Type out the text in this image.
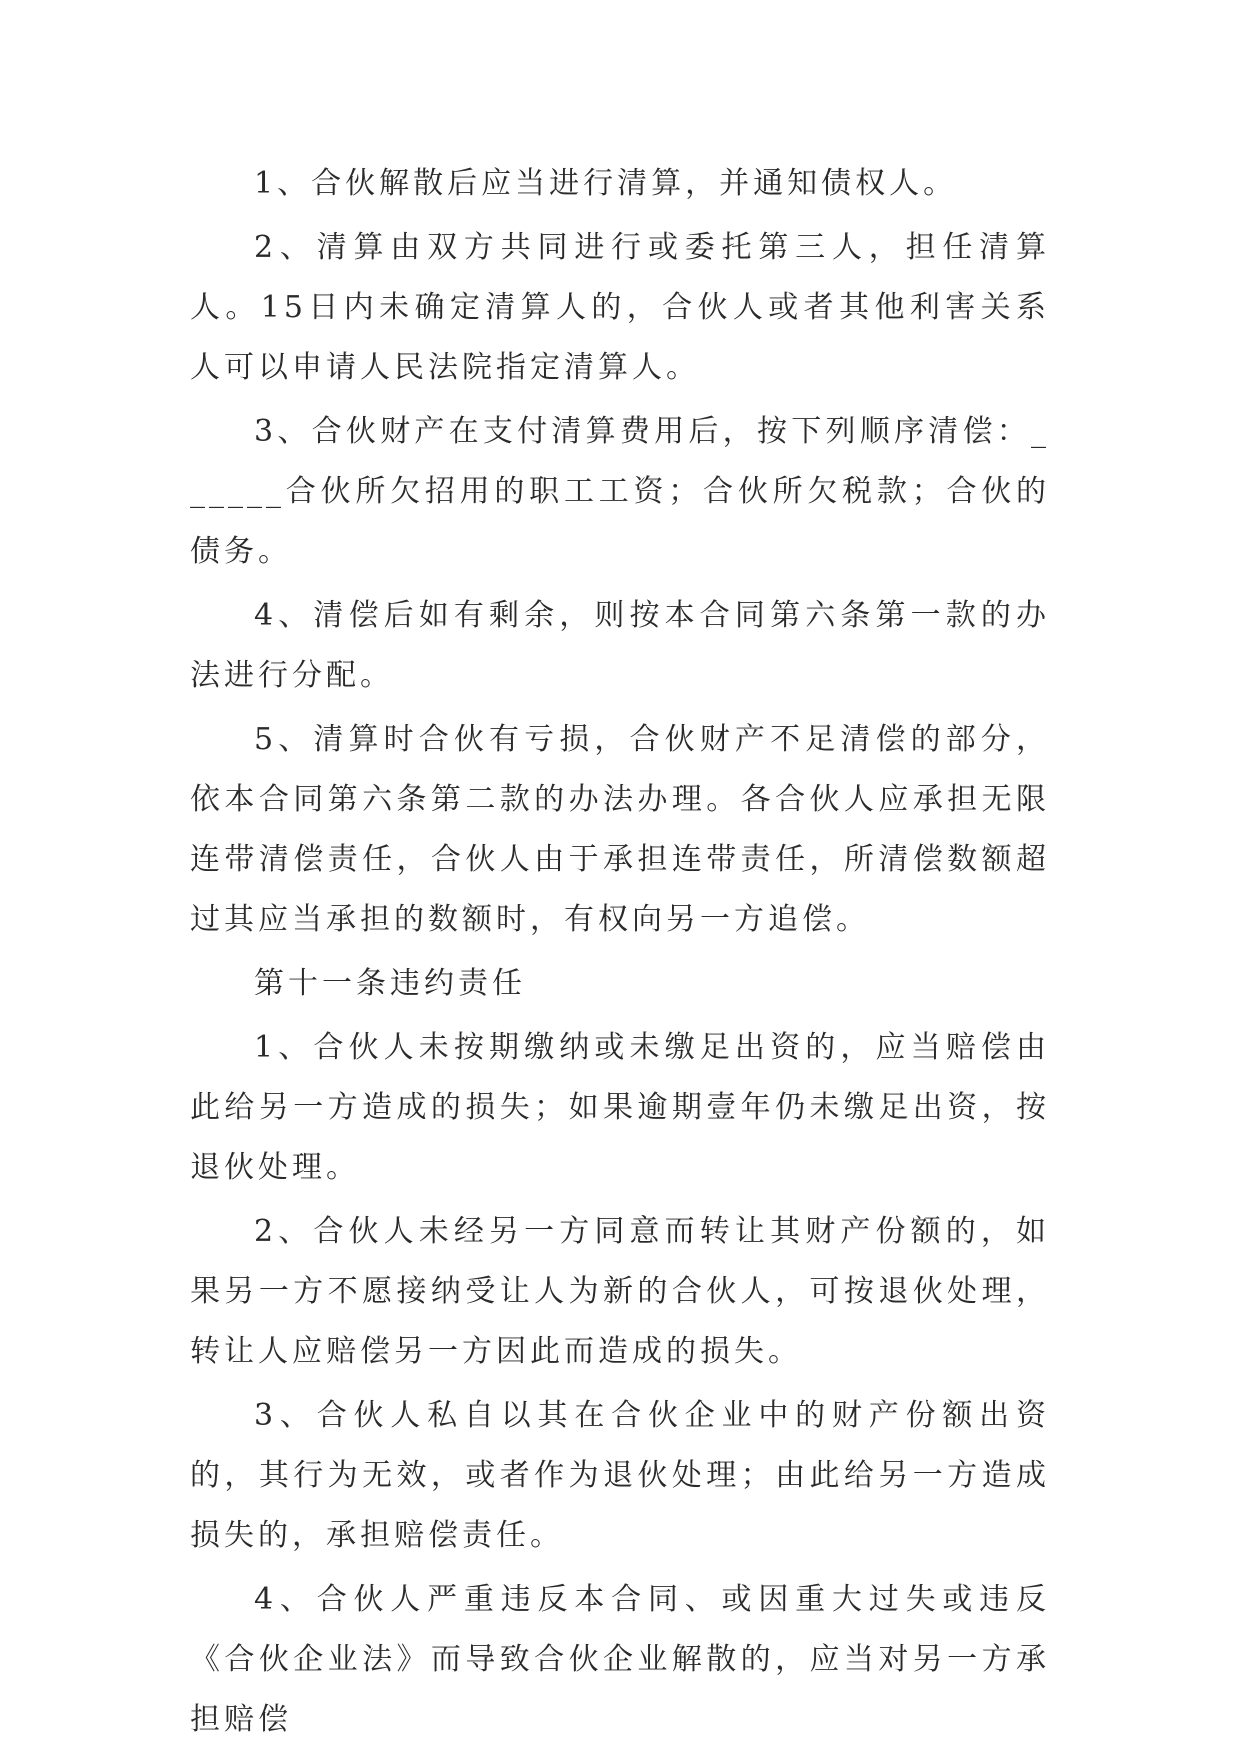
1、合伙解散后应当进行清算，并通知债权人。

2、清算由双方共同进行或委托第三人，担任清算人。15日内未确定清算人的，合伙人或者其他利害关系人可以申请人民法院指定清算人。

3、合伙财产在支付清算费用后，按下列顺序清偿：______合伙所欠招用的职工工资；合伙所欠税款；合伙的债务。

4、清偿后如有剩余，则按本合同第六条第一款的办法进行分配。

5、清算时合伙有亏损，合伙财产不足清偿的部分，依本合同第六条第二款的办法办理。各合伙人应承担无限连带清偿责任，合伙人由于承担连带责任，所清偿数额超过其应当承担的数额时，有权向另一方追偿。

第十一条违约责任

1、合伙人未按期缴纳或未缴足出资的，应当赔偿由此给另一方造成的损失；如果逾期壹年仍未缴足出资，按退伙处理。

2、合伙人未经另一方同意而转让其财产份额的，如果另一方不愿接纳受让人为新的合伙人，可按退伙处理，转让人应赔偿另一方因此而造成的损失。

3、合伙人私自以其在合伙企业中的财产份额出资的，其行为无效，或者作为退伙处理；由此给另一方造成损失的，承担赔偿责任。

4、合伙人严重违反本合同、或因重大过失或违反《合伙企业法》而导致合伙企业解散的，应当对另一方承担赔偿
